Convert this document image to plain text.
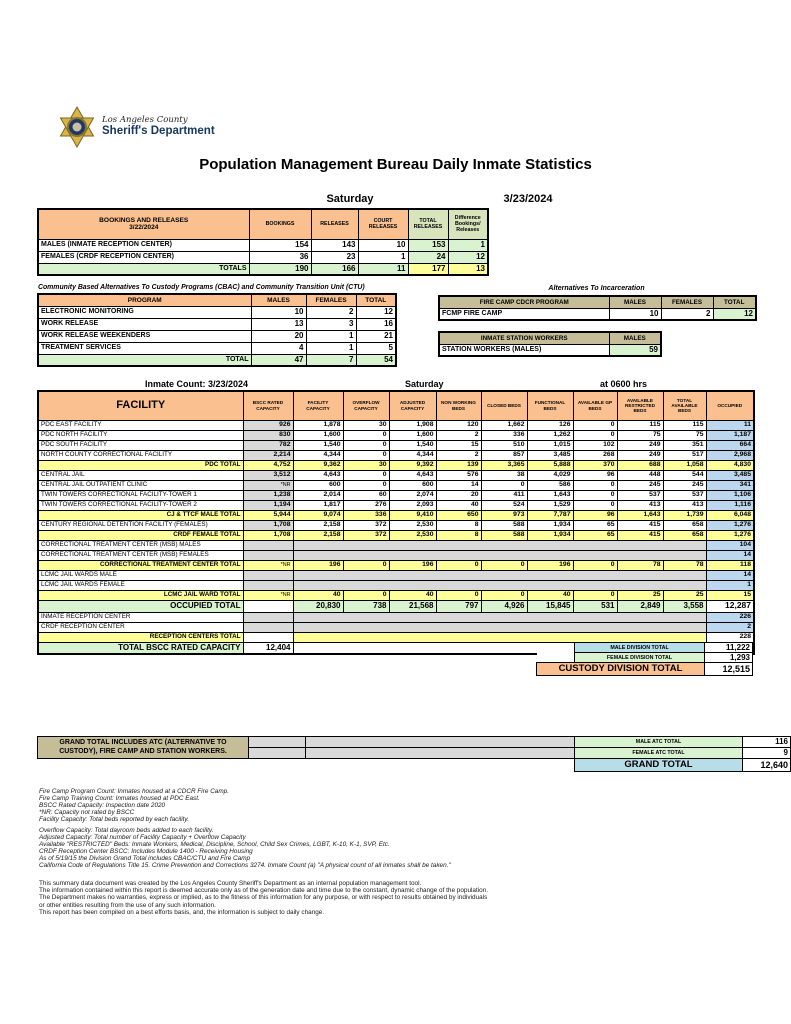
Los Angeles County
Sheriff's Department
Population Management Bureau Daily Inmate Statistics
Saturday	3/23/2024
BOOKINGS AND RELEASES
3/22/2024	BOOKINGS	RELEASES	COURT RELEASES	TOTAL RELEASES	Difference Bookings/ Releases
MALES (INMATE RECEPTION CENTER)	154	143	10	153	1
FEMALES (CRDF RECEPTION CENTER)	36	23	1	24	12
TOTALS	190	166	11	177	13
Community Based Alternatives To Custody Programs (CBAC) and Community Transition Unit (CTU)
PROGRAM	MALES	FEMALES	TOTAL
ELECTRONIC MONITORING	10	2	12
WORK RELEASE	13	3	16
WORK RELEASE WEEKENDERS	20	1	21
TREATMENT SERVICES	4	1	5
TOTAL	47	7	54
Alternatives To Incarceration
FIRE CAMP CDCR PROGRAM	MALES	FEMALES	TOTAL
FCMP FIRE CAMP	10	2	12
INMATE STATION WORKERS	MALES
STATION WORKERS (MALES)	59
Inmate Count: 3/23/2024	Saturday	at 0600 hrs
FACILITY	BSCC RATED CAPACITY	FACILITY CAPACITY	OVERFLOW CAPACITY	ADJUSTED CAPACITY	NON WORKING BEDS	CLOSED BEDS	FUNCTIONAL BEDS	AVAILABLE GP BEDS	AVAILABLE RESTRICTED BEDS	TOTAL AVAILABLE BEDS	OCCUPIED
PDC EAST FACILITY	926	1,878	30	1,908	120	1,662	126	0	115	115	11
PDC NORTH FACILITY	830	1,600	0	1,600	2	336	1,262	0	75	75	1,187
PDC SOUTH FACILITY	782	1,540	0	1,540	15	510	1,015	102	249	351	664
NORTH COUNTY CORRECTIONAL FACILITY	2,214	4,344	0	4,344	2	857	3,485	268	249	517	2,968
PDC TOTAL	4,752	9,362	30	9,392	139	3,365	5,888	370	688	1,058	4,830
CENTRAL JAIL	3,512	4,643	0	4,643	576	38	4,029	96	448	544	3,485
CENTRAL JAIL OUTPATIENT CLINIC	*NR	600	0	600	14	0	586	0	245	245	341
TWIN TOWERS CORRECTIONAL FACILITY-TOWER 1	1,238	2,014	60	2,074	20	411	1,643	0	537	537	1,106
TWIN TOWERS CORRECTIONAL FACILITY-TOWER 2	1,194	1,817	276	2,093	40	524	1,529	0	413	413	1,116
CJ & TTCF MALE TOTAL	5,944	9,074	336	9,410	650	973	7,787	96	1,643	1,739	6,048
CENTURY REGIONAL DETENTION FACILITY (FEMALES)	1,708	2,158	372	2,530	8	588	1,934	65	415	658	1,276
CRDF FEMALE TOTAL	1,708	2,158	372	2,530	8	588	1,934	65	415	658	1,276
CORRECTIONAL TREATMENT CENTER (MSB) MALES											104
CORRECTIONAL TREATMENT CENTER (MSB) FEMALES											14
CORRECTIONAL TREATMENT CENTER TOTAL	*NR	196	0	196	0	0	196	0	78	78	118
LCMC JAIL WARDS MALE											14
LCMC JAIL WARDS FEMALE											1
LCMC JAIL WARD TOTAL	*NR	40	0	40	0	0	40	0	25	25	15
OCCUPIED TOTAL		20,830	738	21,568	797	4,926	15,845	531	2,849	3,558	12,287
INMATE RECEPTION CENTER											226
CRDF RECEPTION CENTER											2
RECEPTION CENTERS TOTAL											228
TOTAL BSCC RATED CAPACITY	12,404										
		MALE DIVISION TOTAL	11,222
	FEMALE DIVISION TOTAL	1,293
CUSTODY DIVISION TOTAL		12,515
GRAND TOTAL INCLUDES ATC (ALTERNATIVE TO CUSTODY), FIRE CAMP AND STATION WORKERS.			MALE ATC TOTAL	116
			FEMALE ATC TOTAL	9
			GRAND TOTAL	12,640
Fire Camp Program Count: Inmates housed at a CDCR Fire Camp.
Fire Camp Training Count: Inmates housed at PDC East.
BSCC Rated Capacity: Inspection date 2020
*NR: Capacity not rated by BSCC
Facility Capacity: Total beds reported by each facility.
Overflow Capacity: Total dayroom beds added to each facility.
Adjusted Capacity: Total number of Facility Capacity + Overflow Capacity
Available "RESTRICTED" Beds: Inmate Workers, Medical, Discipline, School, Child Sex Crimes, LGBT, K-10, K-1, SVP, Etc.
CRDF Reception Center BSCC: Includes Module 1400 - Receiving Housing
As of 5/19/15 the Division Grand Total includes CBAC/CTU and Fire Camp
California Code of Regulations Title 15. Crime Prevention and Corrections 3274. Inmate Count (a) "A physical count of all inmates shall be taken."
This summary data document was created by the Los Angeles County Sheriff's Department as an internal population management tool.
The information contained within this report is deemed accurate only as of the generation date and time due to the constant, dynamic change of the population.
The Department makes no warranties, express or implied, as to the fitness of this information for any purpose, or with respect to results obtained by individuals
or other entities resulting from the use of any such information.
This report has been compiled on a best efforts basis, and, the information is subject to daily change.
